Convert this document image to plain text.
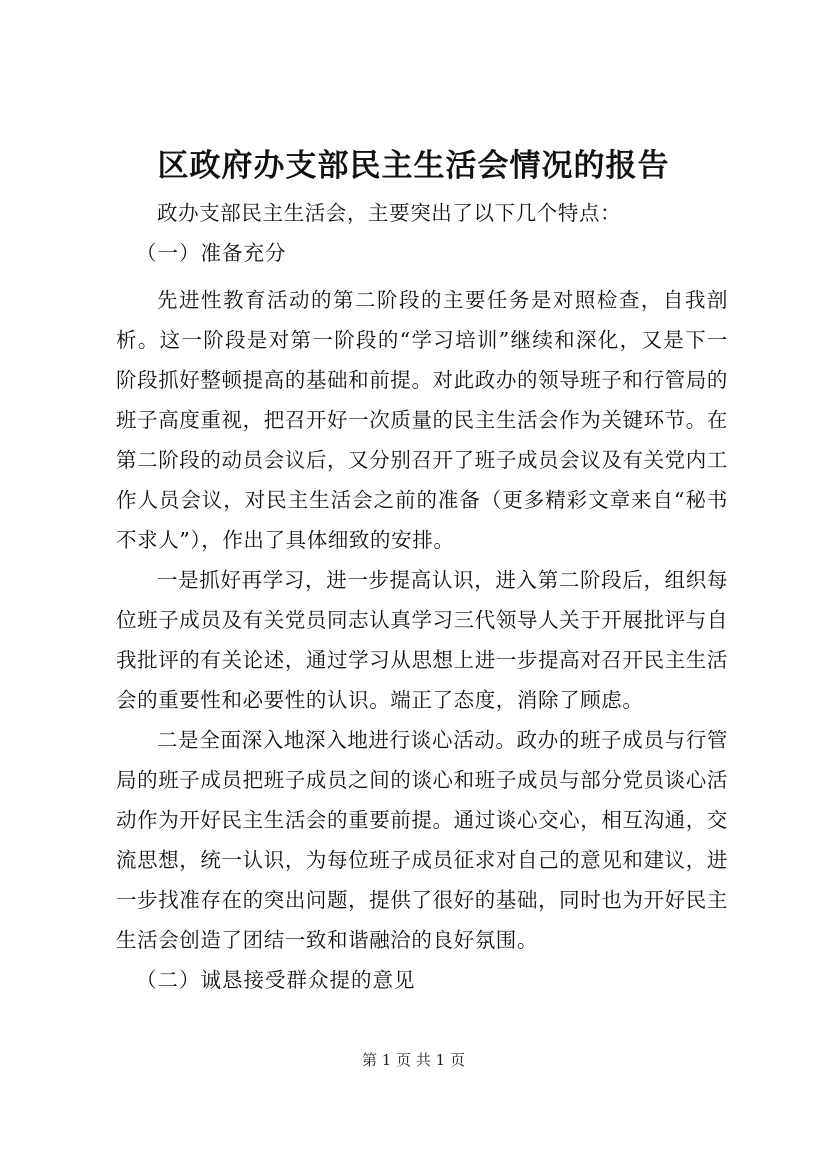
区政府办支部民主生活会情况的报告

政办支部民主生活会，主要突出了以下几个特点：

（一）准备充分

先进性教育活动的第二阶段的主要任务是对照检查，自我剖析。这一阶段是对第一阶段的“学习培训”继续和深化，又是下一阶段抓好整顿提高的基础和前提。对此政办的领导班子和行管局的班子高度重视，把召开好一次质量的民主生活会作为关键环节。在第二阶段的动员会议后，又分别召开了班子成员会议及有关党内工作人员会议，对民主生活会之前的准备（更多精彩文章来自“秘书不求人”），作出了具体细致的安排。

一是抓好再学习，进一步提高认识，进入第二阶段后，组织每位班子成员及有关党员同志认真学习三代领导人关于开展批评与自我批评的有关论述，通过学习从思想上进一步提高对召开民主生活会的重要性和必要性的认识。端正了态度，消除了顾虑。

二是全面深入地深入地进行谈心活动。政办的班子成员与行管局的班子成员把班子成员之间的谈心和班子成员与部分党员谈心活动作为开好民主生活会的重要前提。通过谈心交心，相互沟通，交流思想，统一认识，为每位班子成员征求对自己的意见和建议，进一步找准存在的突出问题，提供了很好的基础，同时也为开好民主生活会创造了团结一致和谐融洽的良好氛围。

（二）诚恳接受群众提的意见

第 1 页 共 1 页
